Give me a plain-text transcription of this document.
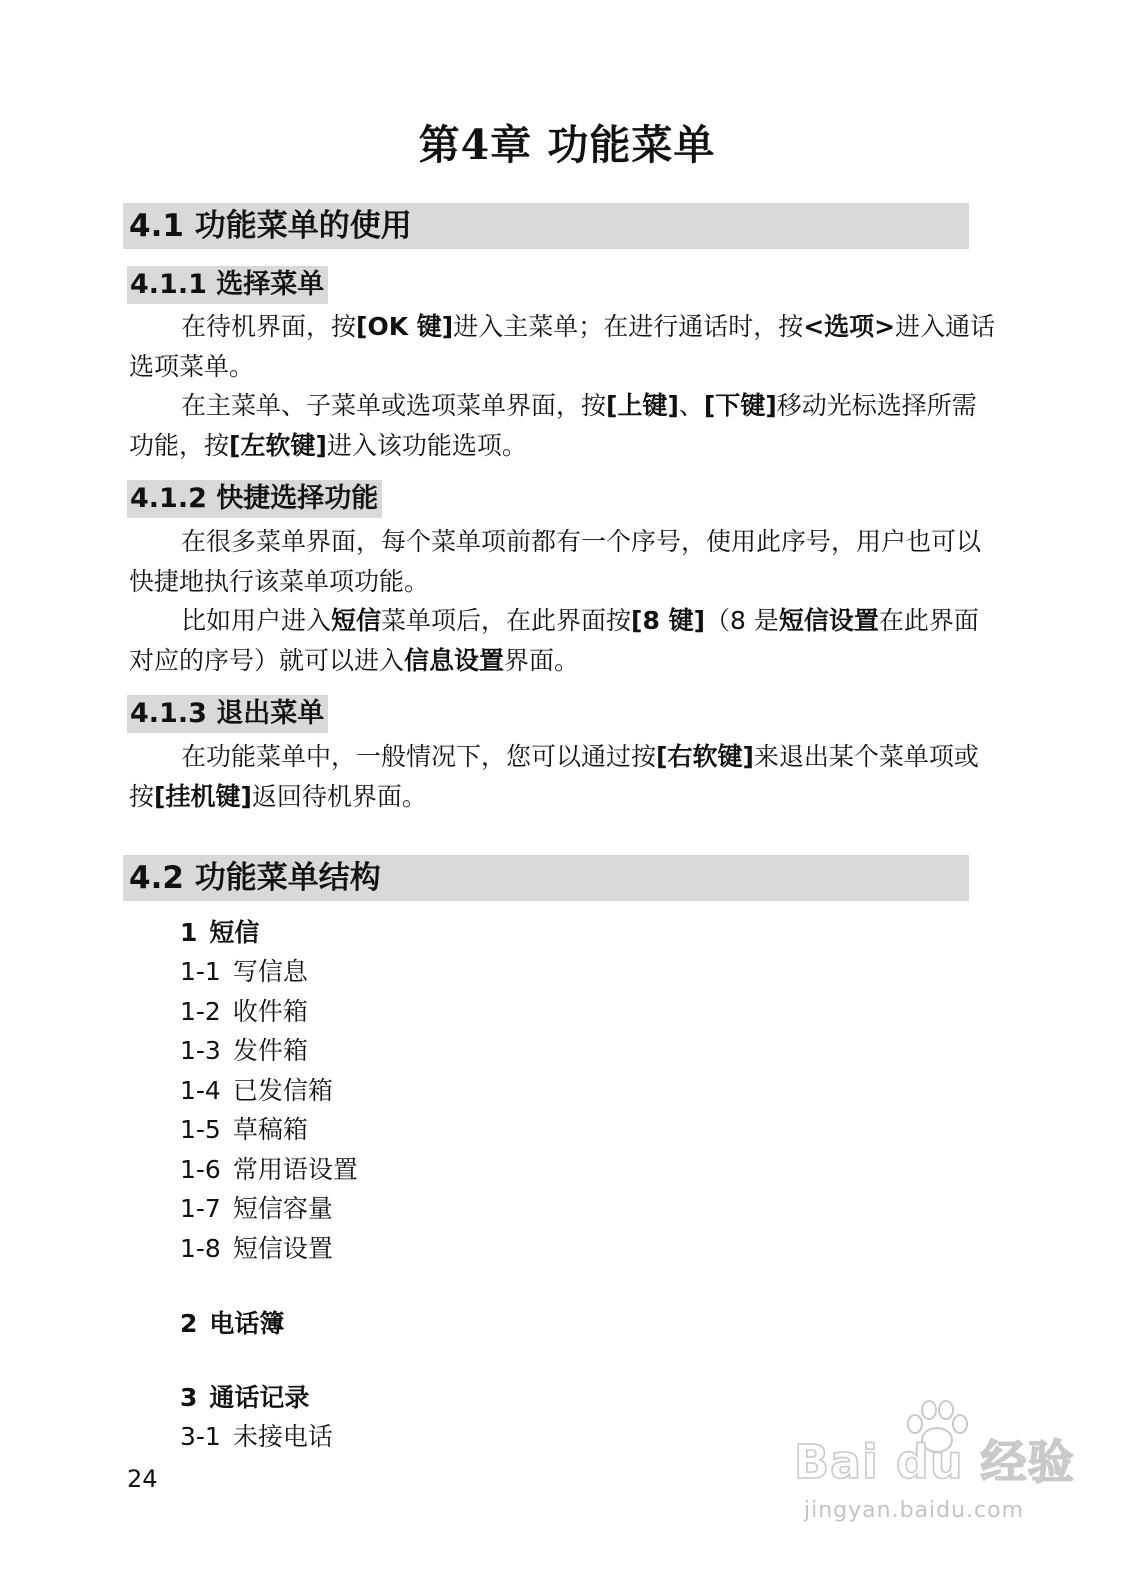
第4章 功能菜单
4.1 功能菜单的使用
4.1.1 选择菜单

在待机界面，按[OK 键]进入主菜单；在进行通话时，按<选项>进入通话选项菜单。

在主菜单、子菜单或选项菜单界面，按[上键]、[下键]移动光标选择所需功能，按[左软键]进入该功能选项。

4.1.2 快捷选择功能

在很多菜单界面，每个菜单项前都有一个序号，使用此序号，用户也可以快捷地执行该菜单项功能。

比如用户进入短信菜单项后，在此界面按[8 键]（8 是短信设置在此界面对应的序号）就可以进入信息设置界面。

4.1.3 退出菜单

在功能菜单中，一般情况下，您可以通过按[右软键]来退出某个菜单项或按[挂机键]返回待机界面。

4.2 功能菜单结构
1 短信
1-1 写信息
1-2 收件箱
1-3 发件箱
1-4 已发信箱
1-5 草稿箱
1-6 常用语设置
1-7 短信容量
1-8 短信设置
2 电话簿
3 通话记录
3-1 未接电话
24	Bai du 经验
jingyan.baidu.com
